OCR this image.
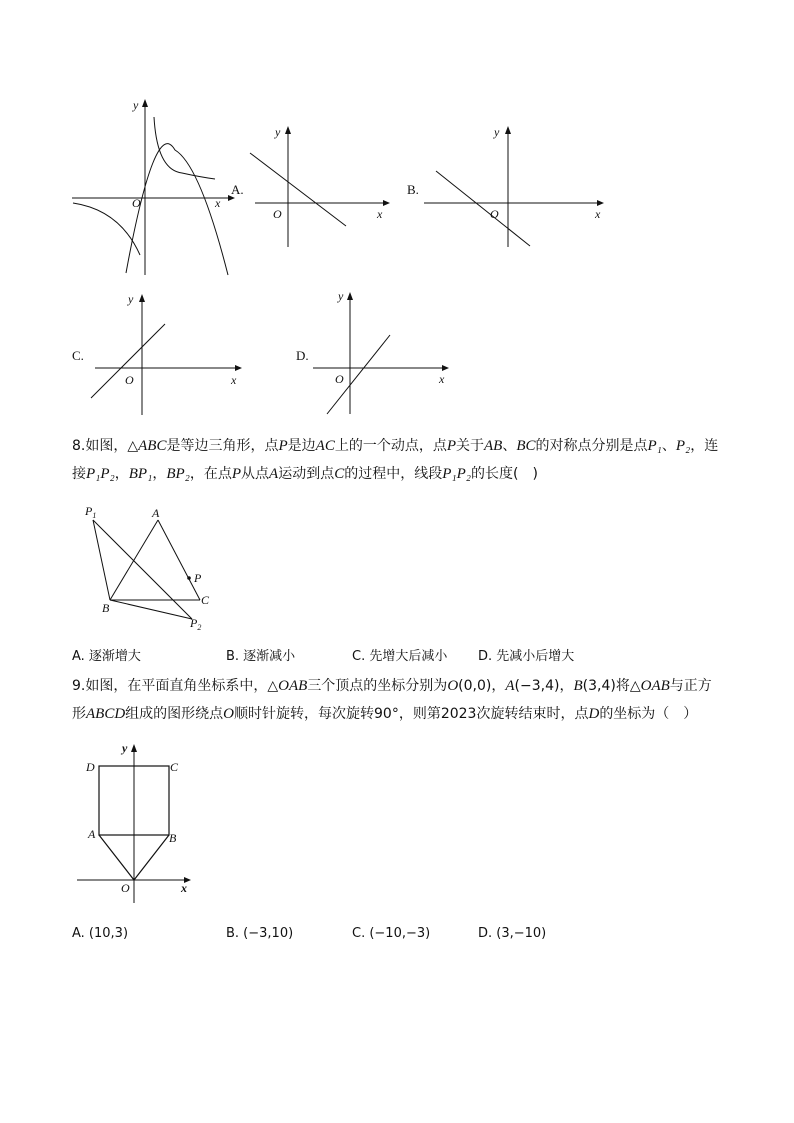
y
x
O
A.
y
x
O
B.
y
x
O
C.
y
x
O
D.
y
x
O
8.如图，△ABC是等边三角形，点P是边AC上的一个动点，点P关于AB、BC的对称点分别是点P₁、P₂，连
接P₁P₂，BP₁，BP₂，在点P从点A运动到点C的过程中，线段P₁P₂的长度(　)
$P_1$	A
P
B
C
$P_2$
A. 逐渐增大	B. 逐渐减小	C. 先增大后减小 D. 先减小后增大
9.如图，在平面直角坐标系中，△OAB三个顶点的坐标分别为O(0,0)，A(−3,4)，B(3,4)将△OAB与正方
形ABCD组成的图形绕点O顺时针旋转，每次旋转90°，则第2023次旋转结束时，点D的坐标为（　）
y
D	C
A	B
O	x
A. (10,3)	B. (−3,10)	C. (−10,−3)	D. (3,−10)
